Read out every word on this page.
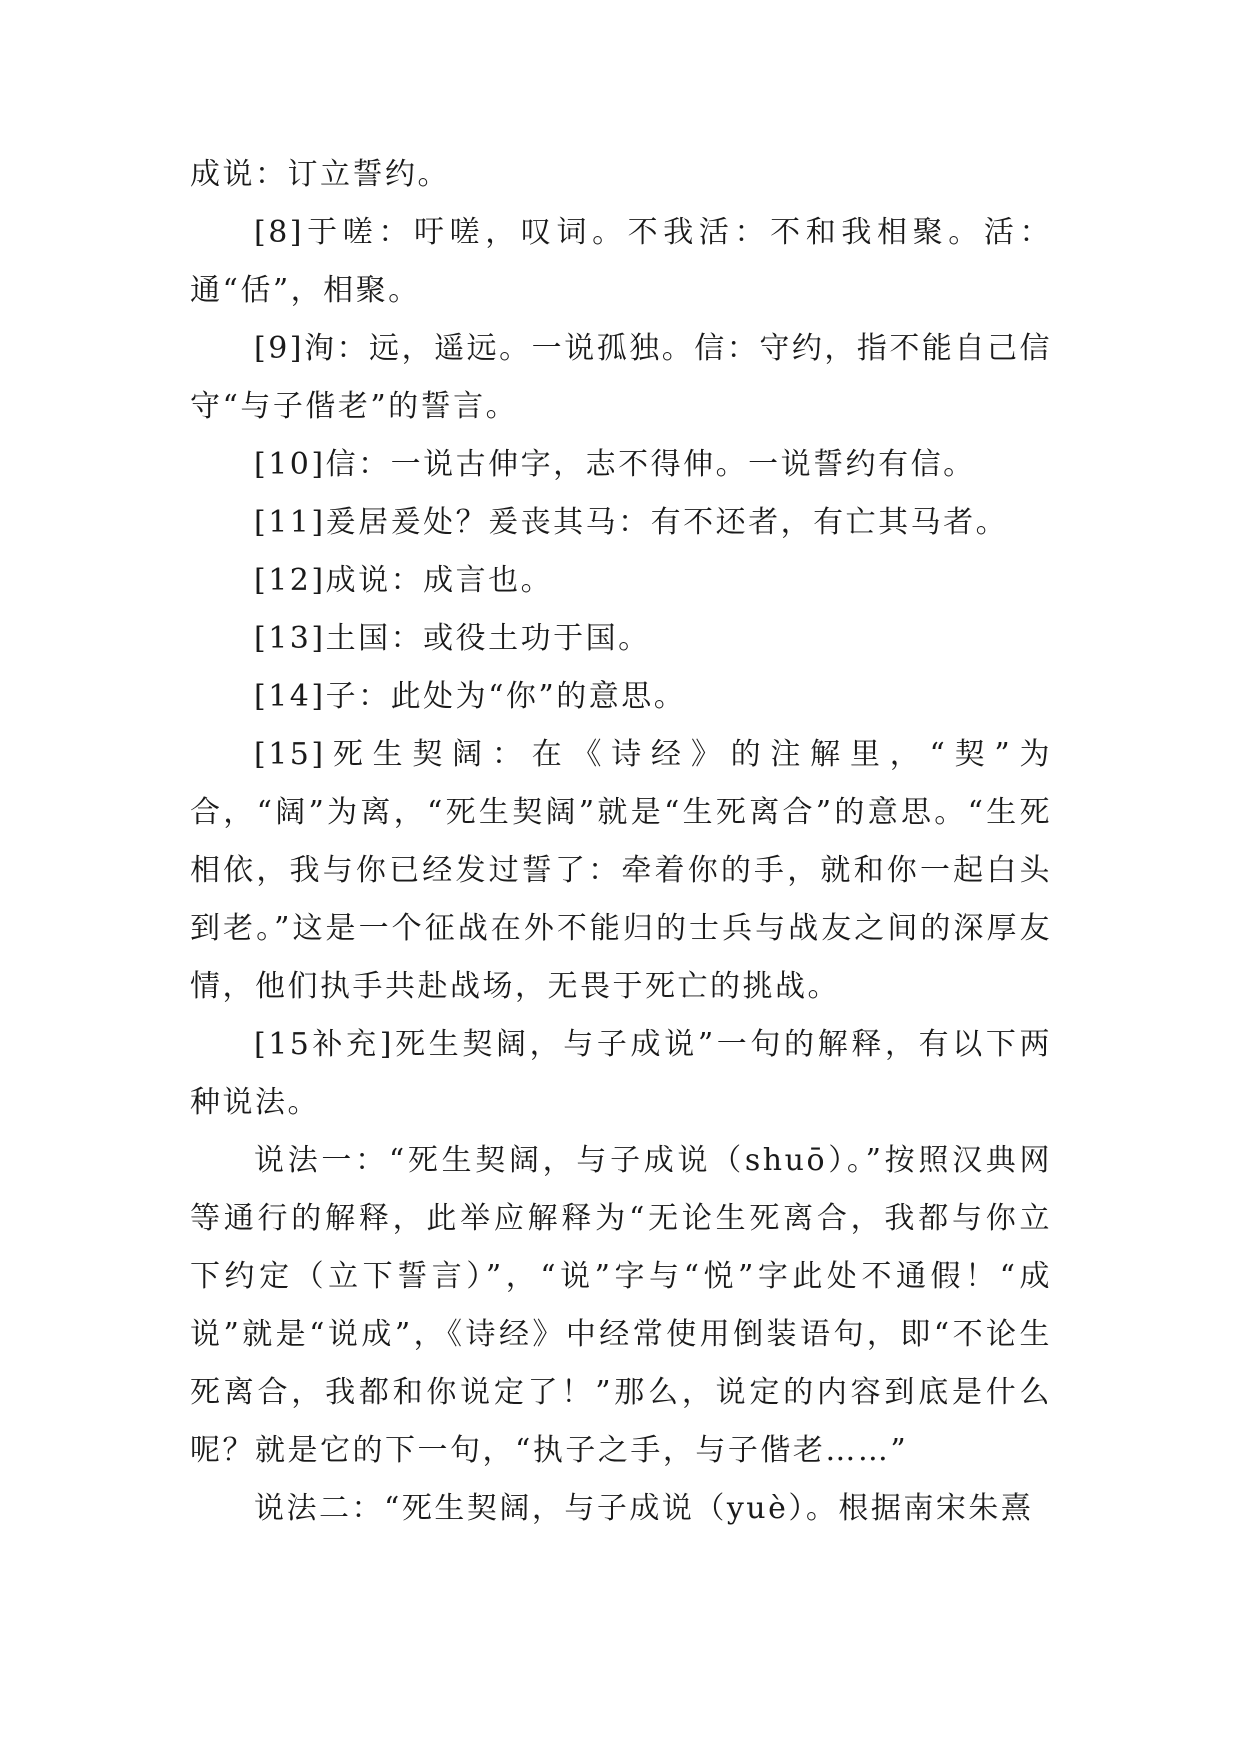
成说：订立誓约。

[8]于嗟：吁嗟，叹词。不我活：不和我相聚。活：通“佸”，相聚。

[9]洵：远，遥远。一说孤独。信：守约，指不能自己信守“与子偕老”的誓言。

[10]信：一说古伸字，志不得伸。一说誓约有信。

[11]爰居爰处？爰丧其马：有不还者，有亡其马者。

[12]成说：成言也。

[13]土国：或役土功于国。

[14]子：此处为“你”的意思。

[15]死生契阔：在《诗经》的注解里，“契”为合，“阔”为离，“死生契阔”就是“生死离合”的意思。“生死相依，我与你已经发过誓了：牵着你的手，就和你一起白头到老。”这是一个征战在外不能归的士兵与战友之间的深厚友情，他们执手共赴战场，无畏于死亡的挑战。

[15补充]死生契阔，与子成说”一句的解释，有以下两种说法。

说法一：“死生契阔，与子成说（shuō）。”按照汉典网等通行的解释，此举应解释为“无论生死离合，我都与你立下约定（立下誓言）”，“说”字与“悦”字此处不通假！“成说”就是“说成”，《诗经》中经常使用倒装语句，即“不论生死离合，我都和你说定了！”那么，说定的内容到底是什么呢？就是它的下一句，“执子之手，与子偕老……”

说法二：“死生契阔，与子成说（yuè）。根据南宋朱熹
